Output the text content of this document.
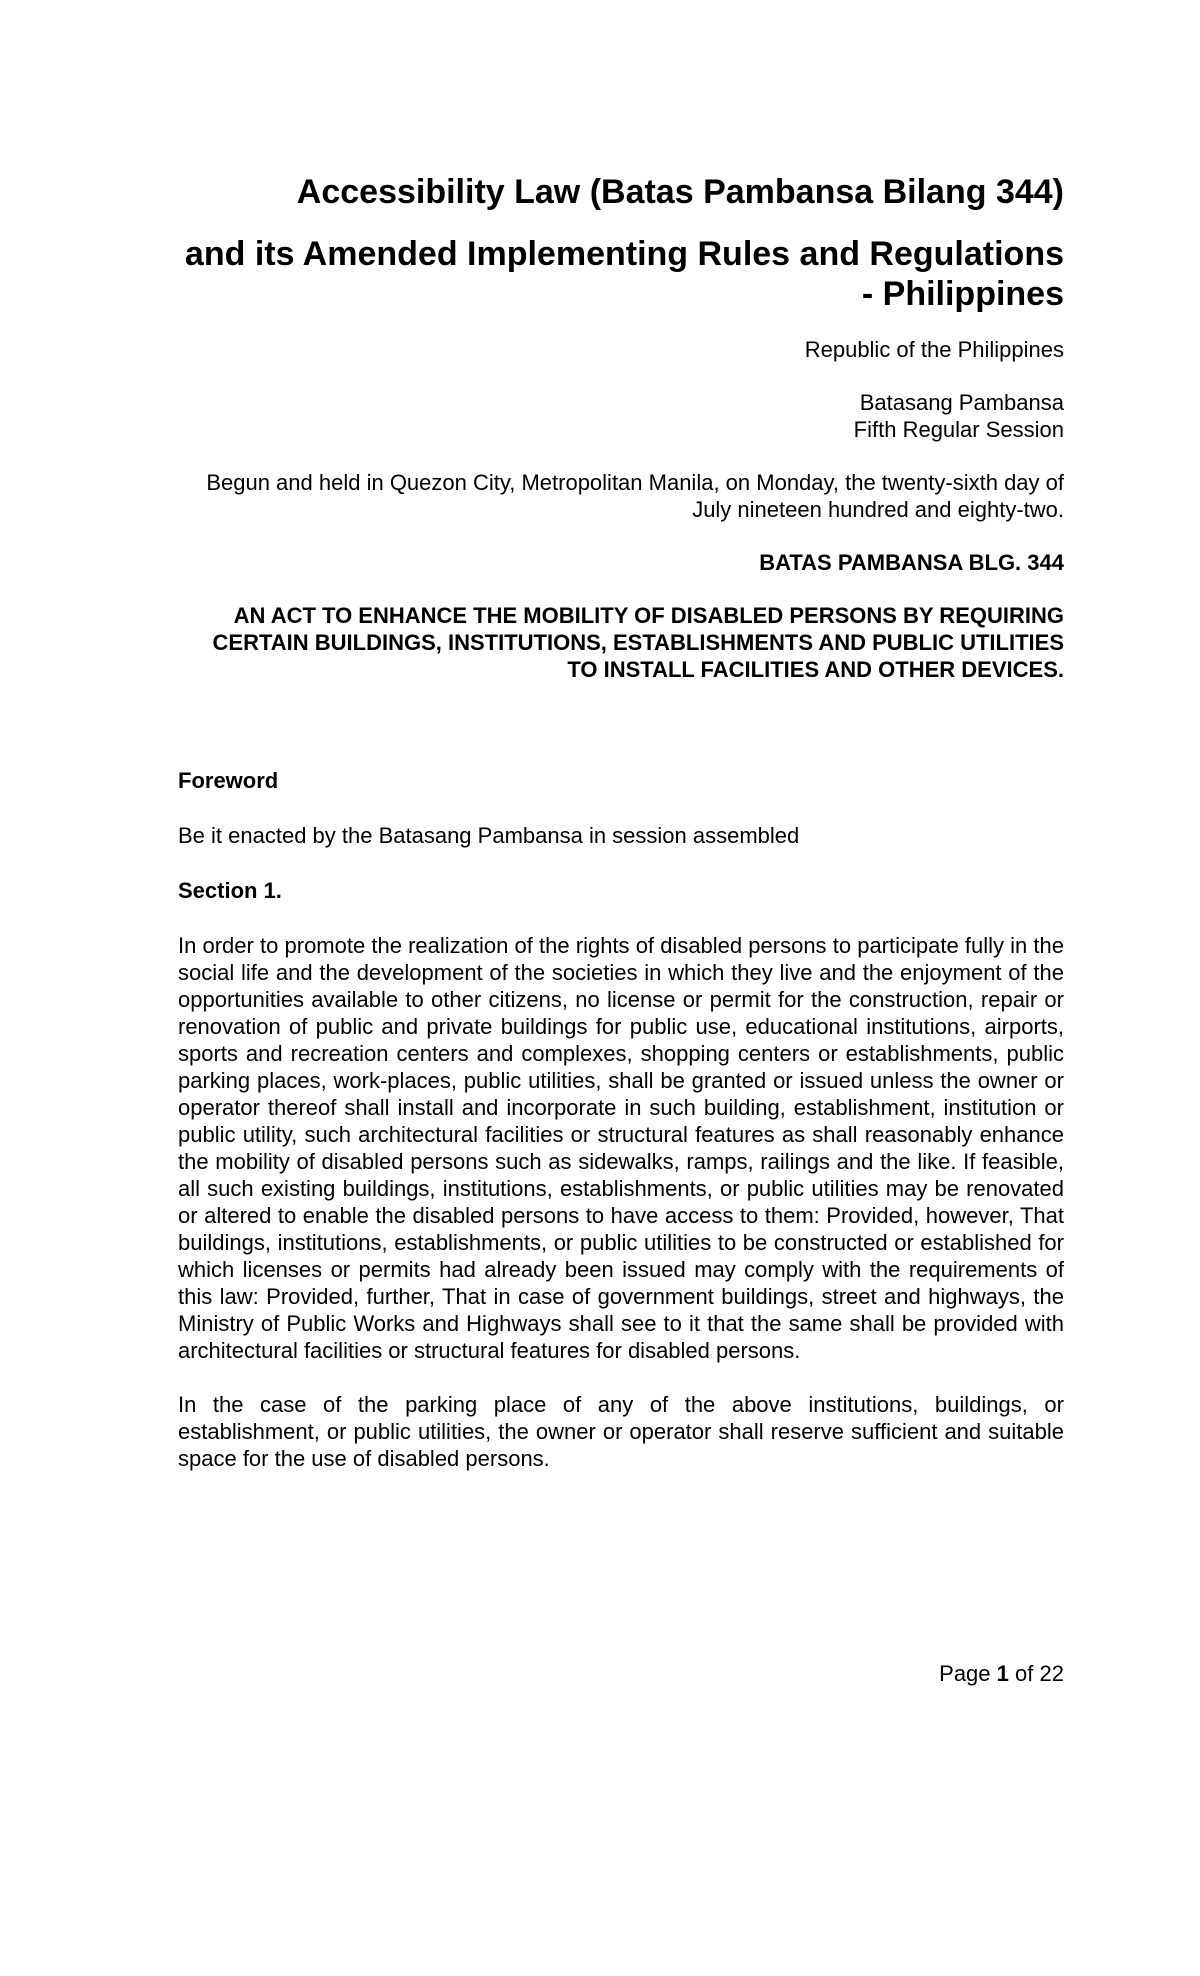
Accessibility Law (Batas Pambansa Bilang 344)
and its Amended Implementing Rules and Regulations - Philippines

Republic of the Philippines

Batasang Pambansa

Fifth Regular Session

Begun and held in Quezon City, Metropolitan Manila, on Monday, the twenty-sixth day of July nineteen hundred and eighty-two.

BATAS PAMBANSA BLG. 344

AN ACT TO ENHANCE THE MOBILITY OF DISABLED PERSONS BY REQUIRING CERTAIN BUILDINGS, INSTITUTIONS, ESTABLISHMENTS AND PUBLIC UTILITIES TO INSTALL FACILITIES AND OTHER DEVICES.

Foreword

Be it enacted by the Batasang Pambansa in session assembled

Section 1.

In order to promote the realization of the rights of disabled persons to participate fully in the social life and the development of the societies in which they live and the enjoyment of the opportunities available to other citizens, no license or permit for the construction, repair or renovation of public and private buildings for public use, educational institutions, airports, sports and recreation centers and complexes, shopping centers or establishments, public parking places, work-places, public utilities, shall be granted or issued unless the owner or operator thereof shall install and incorporate in such building, establishment, institution or public utility, such architectural facilities or structural features as shall reasonably enhance the mobility of disabled persons such as sidewalks, ramps, railings and the like. If feasible, all such existing buildings, institutions, establishments, or public utilities may be renovated or altered to enable the disabled persons to have access to them: Provided, however, That buildings, institutions, establishments, or public utilities to be constructed or established for which licenses or permits had already been issued may comply with the requirements of this law: Provided, further, That in case of government buildings, street and highways, the Ministry of Public Works and Highways shall see to it that the same shall be provided with architectural facilities or structural features for disabled persons.

In the case of the parking place of any of the above institutions, buildings, or establishment, or public utilities, the owner or operator shall reserve sufficient and suitable space for the use of disabled persons.

Page 1 of 22
